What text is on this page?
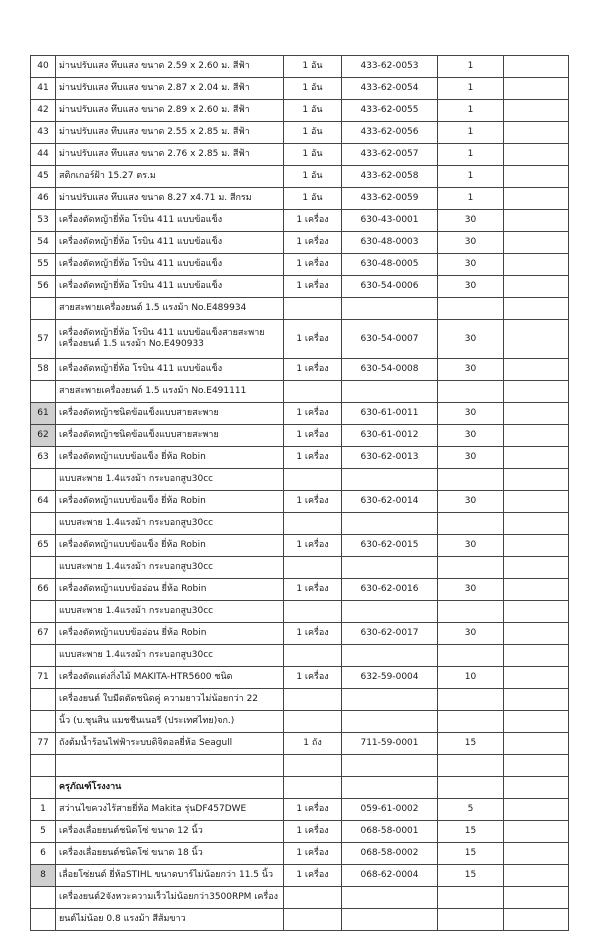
40	ม่านปรับแสง ทึบแสง ขนาด 2.59 x 2.60 ม. สีฟ้า	1 อัน	433-62-0053	1	
41	ม่านปรับแสง ทึบแสง ขนาด 2.87 x 2.04 ม. สีฟ้า	1 อัน	433-62-0054	1	
42	ม่านปรับแสง ทึบแสง ขนาด 2.89 x 2.60 ม. สีฟ้า	1 อัน	433-62-0055	1	
43	ม่านปรับแสง ทึบแสง ขนาด 2.55 x 2.85 ม. สีฟ้า	1 อัน	433-62-0056	1	
44	ม่านปรับแสง ทึบแสง ขนาด 2.76 x 2.85 ม. สีฟ้า	1 อัน	433-62-0057	1	
45	สติกเกอร์ฝ้า 15.27 ตร.ม	1 อัน	433-62-0058	1	
46	ม่านปรับแสง ทึบแสง ขนาด 8.27 x4.71 ม. สีกรม	1 อัน	433-62-0059	1	
53	เครื่องตัดหญ้ายี่ห้อ โรบิน 411 แบบข้อแข็ง	1 เครื่อง	630-43-0001	30	
54	เครื่องตัดหญ้ายี่ห้อ โรบิน 411 แบบข้อแข็ง	1 เครื่อง	630-48-0003	30	
55	เครื่องตัดหญ้ายี่ห้อ โรบิน 411 แบบข้อแข็ง	1 เครื่อง	630-48-0005	30	
56	เครื่องตัดหญ้ายี่ห้อ โรบิน 411 แบบข้อแข็ง	1 เครื่อง	630-54-0006	30	
	สายสะพายเครื่องยนต์ 1.5 แรงม้า No.E489934				
57	เครื่องตัดหญ้ายี่ห้อ โรบิน 411 แบบข้อแข็งสายสะพาย เครื่องยนต์ 1.5 แรงม้า No.E490933	1 เครื่อง	630-54-0007	30	
58	เครื่องตัดหญ้ายี่ห้อ โรบิน 411 แบบข้อแข็ง	1 เครื่อง	630-54-0008	30	
	สายสะพายเครื่องยนต์ 1.5 แรงม้า No.E491111				
61	เครื่องตัดหญ้าชนิดข้อแข็งแบบสายสะพาย	1 เครื่อง	630-61-0011	30	
62	เครื่องตัดหญ้าชนิดข้อแข็งแบบสายสะพาย	1 เครื่อง	630-61-0012	30	
63	เครื่องตัดหญ้าแบบข้อแข็ง ยี่ห้อ Robin	1 เครื่อง	630-62-0013	30	
	แบบสะพาย 1.4แรงม้า กระบอกสูบ30cc				
64	เครื่องตัดหญ้าแบบข้อแข็ง ยี่ห้อ Robin	1 เครื่อง	630-62-0014	30	
	แบบสะพาย 1.4แรงม้า กระบอกสูบ30cc				
65	เครื่องตัดหญ้าแบบข้อแข็ง ยี่ห้อ Robin	1 เครื่อง	630-62-0015	30	
	แบบสะพาย 1.4แรงม้า กระบอกสูบ30cc				
66	เครื่องตัดหญ้าแบบข้ออ่อน ยี่ห้อ Robin	1 เครื่อง	630-62-0016	30	
	แบบสะพาย 1.4แรงม้า กระบอกสูบ30cc				
67	เครื่องตัดหญ้าแบบข้ออ่อน ยี่ห้อ Robin	1 เครื่อง	630-62-0017	30	
	แบบสะพาย 1.4แรงม้า กระบอกสูบ30cc				
71	เครื่องตัดแต่งกิ่งไม้ MAKITA-HTR5600 ชนิด	1 เครื่อง	632-59-0004	10	
	เครื่องยนต์ ใบมีดตัดชนิดคู่ ความยาวไม่น้อยกว่า 22				
	นิ้ว (บ.ชุนสิน แมชชีนเนอรี (ประเทศไทย)จก.)				
77	ถังต้มน้ำร้อนไฟฟ้าระบบดิจิตอลยี่ห้อ Seagull	1 ถัง	711-59-0001	15	

	ครุภัณฑ์โรงงาน				
1	สว่านไขควงไร้สายยี่ห้อ Makita รุ่นDF457DWE	1 เครื่อง	059-61-0002	5	
5	เครื่องเลื่อยยนต์ชนิดโซ่ ขนาด 12 นิ้ว	1 เครื่อง	068-58-0001	15	
6	เครื่องเลื่อยยนต์ชนิดโซ่ ขนาด 18 นิ้ว	1 เครื่อง	068-58-0002	15	
8	เลื่อยโซ่ยนต์ ยี่ห้อSTIHL ขนาดบาร์ไม่น้อยกว่า 11.5 นิ้ว	1 เครื่อง	068-62-0004	15	
	เครื่องยนต์2จังหวะความเร็วไม่น้อยกว่า3500RPM เครื่อง				
	ยนต์ไม่น้อย 0.8 แรงม้า สีส้มขาว				
